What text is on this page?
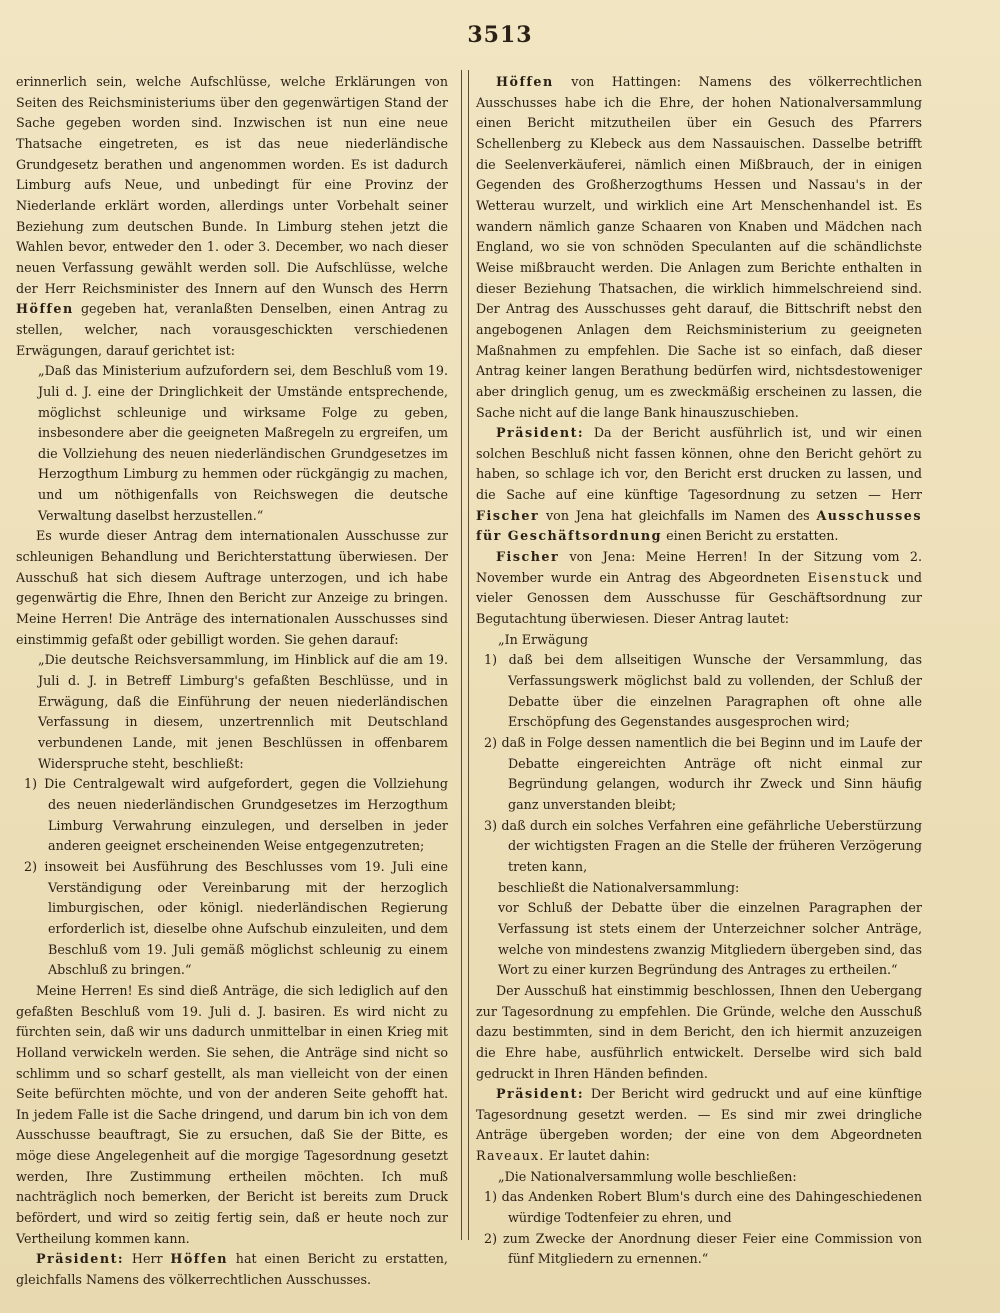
3513

erinnerlich sein, welche Aufschlüsse, welche Erklärungen von Seiten des Reichsministeriums über den gegenwärtigen Stand der Sache gegeben worden sind. Inzwischen ist nun eine neue Thatsache eingetreten, es ist das neue niederländische Grundgesetz berathen und angenommen worden. Es ist dadurch Limburg aufs Neue, und unbedingt für eine Provinz der Niederlande erklärt worden, allerdings unter Vorbehalt seiner Beziehung zum deutschen Bunde. In Limburg stehen jetzt die Wahlen bevor, entweder den 1. oder 3. December, wo nach dieser neuen Verfassung gewählt werden soll. Die Aufschlüsse, welche der Herr Reichsminister des Innern auf den Wunsch des Herrn Höffen gegeben hat, veranlaßten Denselben, einen Antrag zu stellen, welcher, nach vorausgeschickten verschiedenen Erwägungen, darauf gerichtet ist:

„Daß das Ministerium aufzufordern sei, dem Beschluß vom 19. Juli d. J. eine der Dringlichkeit der Umstände entsprechende, möglichst schleunige und wirksame Folge zu geben, insbesondere aber die geeigneten Maßregeln zu ergreifen, um die Vollziehung des neuen niederländischen Grundgesetzes im Herzogthum Limburg zu hemmen oder rückgängig zu machen, und um nöthigenfalls von Reichswegen die deutsche Verwaltung daselbst herzustellen.“

Es wurde dieser Antrag dem internationalen Ausschusse zur schleunigen Behandlung und Berichterstattung überwiesen. Der Ausschuß hat sich diesem Auftrage unterzogen, und ich habe gegenwärtig die Ehre, Ihnen den Bericht zur Anzeige zu bringen. Meine Herren! Die Anträge des internationalen Ausschusses sind einstimmig gefaßt oder gebilligt worden. Sie gehen darauf:

„Die deutsche Reichsversammlung, im Hinblick auf die am 19. Juli d. J. in Betreff Limburg's gefaßten Beschlüsse, und in Erwägung, daß die Einführung der neuen niederländischen Verfassung in diesem, unzertrennlich mit Deutschland verbundenen Lande, mit jenen Beschlüssen in offenbarem Widerspruche steht, beschließt:

1) Die Centralgewalt wird aufgefordert, gegen die Vollziehung des neuen niederländischen Grundgesetzes im Herzogthum Limburg Verwahrung einzulegen, und derselben in jeder anderen geeignet erscheinenden Weise entgegenzutreten;

2) insoweit bei Ausführung des Beschlusses vom 19. Juli eine Verständigung oder Vereinbarung mit der herzoglich limburgischen, oder königl. niederländischen Regierung erforderlich ist, dieselbe ohne Aufschub einzuleiten, und dem Beschluß vom 19. Juli gemäß möglichst schleunig zu einem Abschluß zu bringen.“

Meine Herren! Es sind dieß Anträge, die sich lediglich auf den gefaßten Beschluß vom 19. Juli d. J. basiren. Es wird nicht zu fürchten sein, daß wir uns dadurch unmittelbar in einen Krieg mit Holland verwickeln werden. Sie sehen, die Anträge sind nicht so schlimm und so scharf gestellt, als man vielleicht von der einen Seite befürchten möchte, und von der anderen Seite gehofft hat. In jedem Falle ist die Sache dringend, und darum bin ich von dem Ausschusse beauftragt, Sie zu ersuchen, daß Sie der Bitte, es möge diese Angelegenheit auf die morgige Tagesordnung gesetzt werden, Ihre Zustimmung ertheilen möchten. Ich muß nachträglich noch bemerken, der Bericht ist bereits zum Druck befördert, und wird so zeitig fertig sein, daß er heute noch zur Vertheilung kommen kann.

Präsident: Herr Höffen hat einen Bericht zu erstatten, gleichfalls Namens des völkerrechtlichen Ausschusses.

Höffen von Hattingen: Namens des völkerrechtlichen Ausschusses habe ich die Ehre, der hohen Nationalversammlung einen Bericht mitzutheilen über ein Gesuch des Pfarrers Schellenberg zu Klebeck aus dem Nassauischen. Dasselbe betrifft die Seelenverkäuferei, nämlich einen Mißbrauch, der in einigen Gegenden des Großherzogthums Hessen und Nassau's in der Wetterau wurzelt, und wirklich eine Art Menschenhandel ist. Es wandern nämlich ganze Schaaren von Knaben und Mädchen nach England, wo sie von schnöden Speculanten auf die schändlichste Weise mißbraucht werden. Die Anlagen zum Berichte enthalten in dieser Beziehung Thatsachen, die wirklich himmelschreiend sind. Der Antrag des Ausschusses geht darauf, die Bittschrift nebst den angebogenen Anlagen dem Reichsministerium zu geeigneten Maßnahmen zu empfehlen. Die Sache ist so einfach, daß dieser Antrag keiner langen Berathung bedürfen wird, nichtsdestoweniger aber dringlich genug, um es zweckmäßig erscheinen zu lassen, die Sache nicht auf die lange Bank hinauszuschieben.

Präsident: Da der Bericht ausführlich ist, und wir einen solchen Beschluß nicht fassen können, ohne den Bericht gehört zu haben, so schlage ich vor, den Bericht erst drucken zu lassen, und die Sache auf eine künftige Tagesordnung zu setzen — Herr Fischer von Jena hat gleichfalls im Namen des Ausschusses für Geschäftsordnung einen Bericht zu erstatten.

Fischer von Jena: Meine Herren! In der Sitzung vom 2. November wurde ein Antrag des Abgeordneten Eisenstuck und vieler Genossen dem Ausschusse für Geschäftsordnung zur Begutachtung überwiesen. Dieser Antrag lautet:

„In Erwägung

1) daß bei dem allseitigen Wunsche der Versammlung, das Verfassungswerk möglichst bald zu vollenden, der Schluß der Debatte über die einzelnen Paragraphen oft ohne alle Erschöpfung des Gegenstandes ausgesprochen wird;

2) daß in Folge dessen namentlich die bei Beginn und im Laufe der Debatte eingereichten Anträge oft nicht einmal zur Begründung gelangen, wodurch ihr Zweck und Sinn häufig ganz unverstanden bleibt;

3) daß durch ein solches Verfahren eine gefährliche Ueberstürzung der wichtigsten Fragen an die Stelle der früheren Verzögerung treten kann,

beschließt die Nationalversammlung:

vor Schluß der Debatte über die einzelnen Paragraphen der Verfassung ist stets einem der Unterzeichner solcher Anträge, welche von mindestens zwanzig Mitgliedern übergeben sind, das Wort zu einer kurzen Begründung des Antrages zu ertheilen.“

Der Ausschuß hat einstimmig beschlossen, Ihnen den Uebergang zur Tagesordnung zu empfehlen. Die Gründe, welche den Ausschuß dazu bestimmten, sind in dem Bericht, den ich hiermit anzuzeigen die Ehre habe, ausführlich entwickelt. Derselbe wird sich bald gedruckt in Ihren Händen befinden.

Präsident: Der Bericht wird gedruckt und auf eine künftige Tagesordnung gesetzt werden. — Es sind mir zwei dringliche Anträge übergeben worden; der eine von dem Abgeordneten Raveaux. Er lautet dahin:

„Die Nationalversammlung wolle beschließen:

1) das Andenken Robert Blum's durch eine des Dahingeschiedenen würdige Todtenfeier zu ehren, und

2) zum Zwecke der Anordnung dieser Feier eine Commission von fünf Mitgliedern zu ernennen.“
